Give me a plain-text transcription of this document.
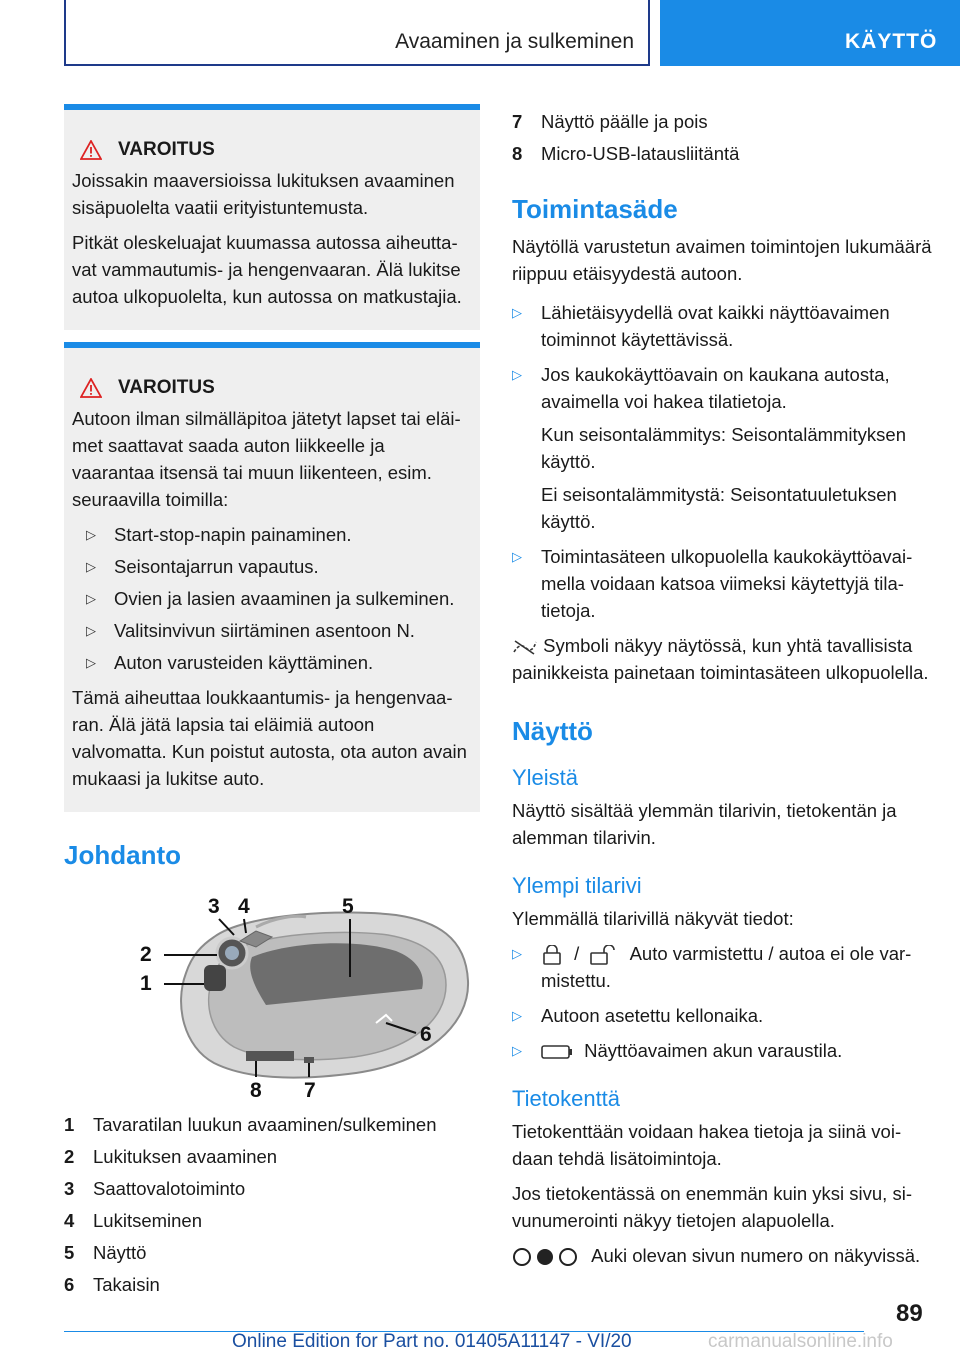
Avaaminen ja sulkeminen	KÄYTTÖ
VAROITUS

Joissakin maaversioissa lukituksen avaaminen sisäpuolelta vaatii erityistuntemusta.

Pitkät oleskeluajat kuumassa autossa aiheuttavat vammautumis- ja hengenvaaran. Älä lukitse autoa ulkopuolelta, kun autossa on matkustajia.

VAROITUS

Autoon ilman silmälläpitoa jätetyt lapset tai eläimet saattavat saada auton liikkeelle ja vaarantaa itsensä tai muun liikenteen, esim. seuraavilla toimilla:

▷ Start-stop-napin painaminen.
▷ Seisontajarrun vapautus.
▷ Ovien ja lasien avaaminen ja sulkeminen.
▷ Valitsinvivun siirtäminen asentoon N.
▷ Auton varusteiden käyttäminen.

Tämä aiheuttaa loukkaantumis- ja hengenvaaran. Älä jätä lapsia tai eläimiä autoon valvomatta. Kun poistut autosta, ota auton avain mukaasi ja lukitse auto.

Johdanto
1
2
3 4	5
6
7
8
1	Tavaratilan luukun avaaminen/sulkeminen
2	Lukituksen avaaminen
3	Saattovalotoiminto
4	Lukitseminen
5	Näyttö
6	Takaisin
7	Näyttö päälle ja pois
8	Micro-USB-latausliitäntä
Toimintasäde

Näytöllä varustetun avaimen toimintojen lukumäärä riippuu etäisyydestä autoon.

▷ Lähietäisyydellä ovat kaikki näyttöavaimen toiminnot käytettävissä.
▷ Jos kaukokäyttöavain on kaukana autosta, avaimella voi hakea tilatietoja.

Kun seisontalämmitys: Seisontalämmityksen käyttö.

Ei seisontalämmitystä: Seisontatuuletuksen käyttö.

▷ Toimintasäteen ulkopuolella kaukokäyttöavaimella voidaan katsoa viimeksi käytettyjä tilatietoja.

Symboli näkyy näytössä, kun yhtä tavallisista painikkeista painetaan toimintasäteen ulkopuolella.

Näyttö
Yleistä

Näyttö sisältää ylemmän tilarivin, tietokentän ja alemman tilarivin.

Ylempi tilarivi

Ylemmällä tilarivillä näkyvät tiedot:

▷	/	Auto varmistettu / autoa ei ole varmistettu.
▷ Autoon asetettu kellonaika.
▷	Näyttöavaimen akun varaustila.
Tietokenttä

Tietokenttään voidaan hakea tietoja ja siinä voidaan tehdä lisätoimintoja.

Jos tietokentässä on enemmän kuin yksi sivu, sivunumerointi näkyy tietojen alapuolella.

Auki olevan sivun numero on näkyvissä.

89
Online Edition for Part no. 01405A11147 - VI/20	carmanualsonline.info
